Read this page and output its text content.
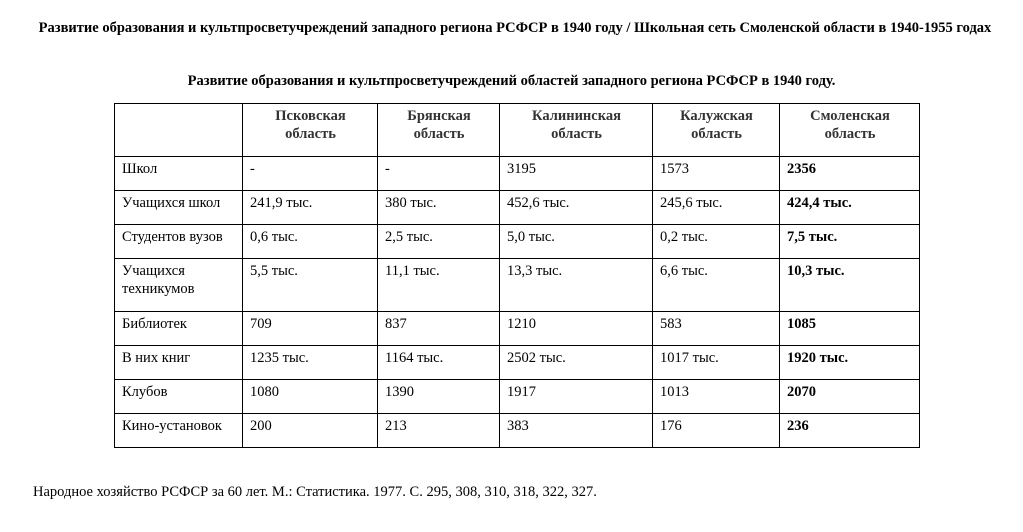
Развитие образования и культпросветучреждений западного региона РСФСР в 1940 году / Школьная сеть Смоленской области в 1940-1955 годах
Развитие образования и культпросветучреждений областей западного региона РСФСР в 1940 году.
	Псковская область	Брянская область	Калининская область	Калужская область	Смоленская область
Школ	-	-	3195	1573	2356
Учащихся школ	241,9 тыс.	380 тыс.	452,6 тыс.	245,6 тыс.	424,4 тыс.
Студентов вузов	0,6 тыс.	2,5 тыс.	5,0 тыс.	0,2 тыс.	7,5 тыс.
Учащихся техникумов	5,5 тыс.	11,1 тыс.	13,3 тыс.	6,6 тыс.	10,3 тыс.
Библиотек	709	837	1210	583	1085
В них книг	1235 тыс.	1164 тыс.	2502 тыс.	1017 тыс.	1920 тыс.
Клубов	1080	1390	1917	1013	2070
Кино-установок	200	213	383	176	236
Народное хозяйство РСФСР за 60 лет. М.: Статистика. 1977. С. 295, 308, 310, 318, 322, 327.
